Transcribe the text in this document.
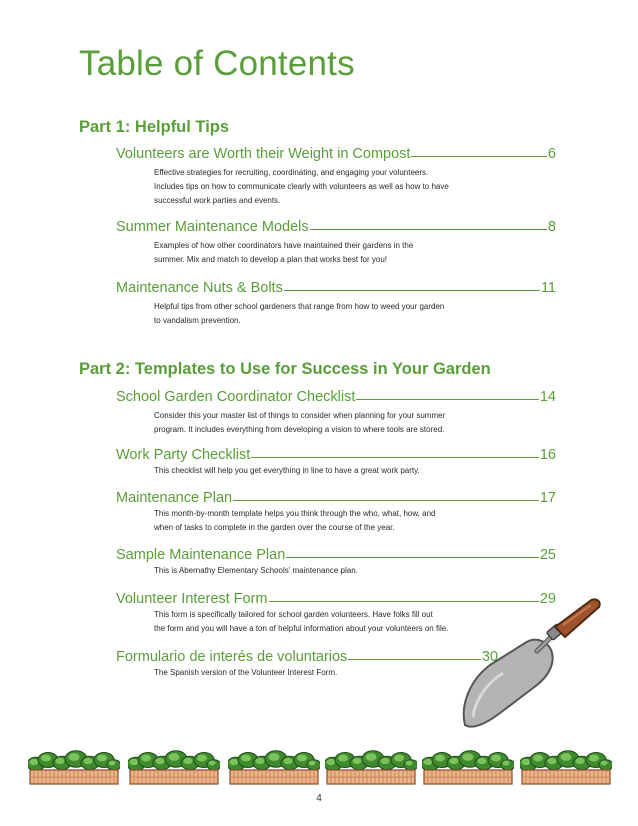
Table of Contents
Part 1: Helpful Tips
Volunteers are Worth their Weight in Compost	6
Effective strategies for recruiting, coordinating, and engaging your volunteers.
Includes tips on how to communicate clearly with volunteers as well as how to have
successful work parties and events.
Summer Maintenance Models	8
Examples of how other coordinators have maintained their gardens in the
summer. Mix and match to develop a plan that works best for you!
Maintenance Nuts & Bolts	11
Helpful tips from other school gardeners that range from how to weed your garden
to vandalism prevention.
Part 2: Templates to Use for Success in Your Garden
School Garden Coordinator Checklist	14
Consider this your master list of things to consider when planning for your summer
program. It includes everything from developing a vision to where tools are stored.
Work Party Checklist	16
This checklist will help you get everything in line to have a great work party.
Maintenance Plan	17
This month-by-month template helps you think through the who, what, how, and
when of tasks to complete in the garden over the course of the year.
Sample Maintenance Plan	25
This is Abernathy Elementary Schools' maintenance plan.
Volunteer Interest Form	29
This form is specifically tailored for school garden volunteers. Have folks fill out
the form and you will have a ton of helpful information about your volunteers on file.
Formulario de interés de voluntarios	30
The Spanish version of the Volunteer Interest Form.
4
